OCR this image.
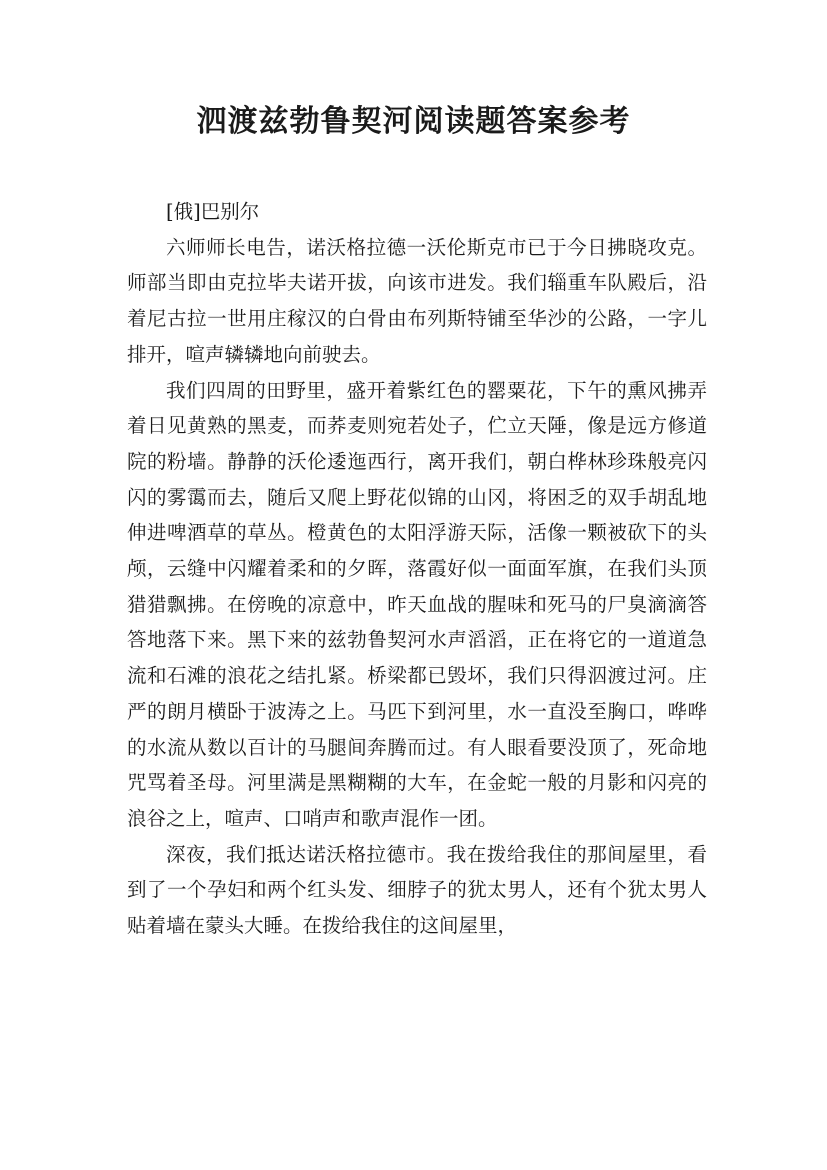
泗渡兹勃鲁契河阅读题答案参考

[俄]巴别尔

六师师长电告，诺沃格拉德一沃伦斯克市已于今日拂晓攻克。师部当即由克拉毕夫诺开拔，向该市进发。我们辎重车队殿后，沿着尼古拉一世用庄稼汉的白骨由布列斯特铺至华沙的公路，一字儿排开，喧声辚辚地向前驶去。

我们四周的田野里，盛开着紫红色的罂粟花，下午的熏风拂弄着日见黄熟的黑麦，而荞麦则宛若处子，伫立天陲，像是远方修道院的粉墙。静静的沃伦逶迤西行，离开我们，朝白桦林珍珠般亮闪闪的雾霭而去，随后又爬上野花似锦的山冈，将困乏的双手胡乱地伸进啤酒草的草丛。橙黄色的太阳浮游天际，活像一颗被砍下的头颅，云缝中闪耀着柔和的夕晖，落霞好似一面面军旗，在我们头顶猎猎飘拂。在傍晚的凉意中，昨天血战的腥味和死马的尸臭滴滴答答地落下来。黑下来的兹勃鲁契河水声滔滔，正在将它的一道道急流和石滩的浪花之结扎紧。桥梁都已毁坏，我们只得泅渡过河。庄严的朗月横卧于波涛之上。马匹下到河里，水一直没至胸口，哗哗的水流从数以百计的马腿间奔腾而过。有人眼看要没顶了，死命地咒骂着圣母。河里满是黑糊糊的大车，在金蛇一般的月影和闪亮的浪谷之上，喧声、口哨声和歌声混作一团。

深夜，我们抵达诺沃格拉德市。我在拨给我住的那间屋里，看到了一个孕妇和两个红头发、细脖子的犹太男人，还有个犹太男人贴着墙在蒙头大睡。在拨给我住的这间屋里，
